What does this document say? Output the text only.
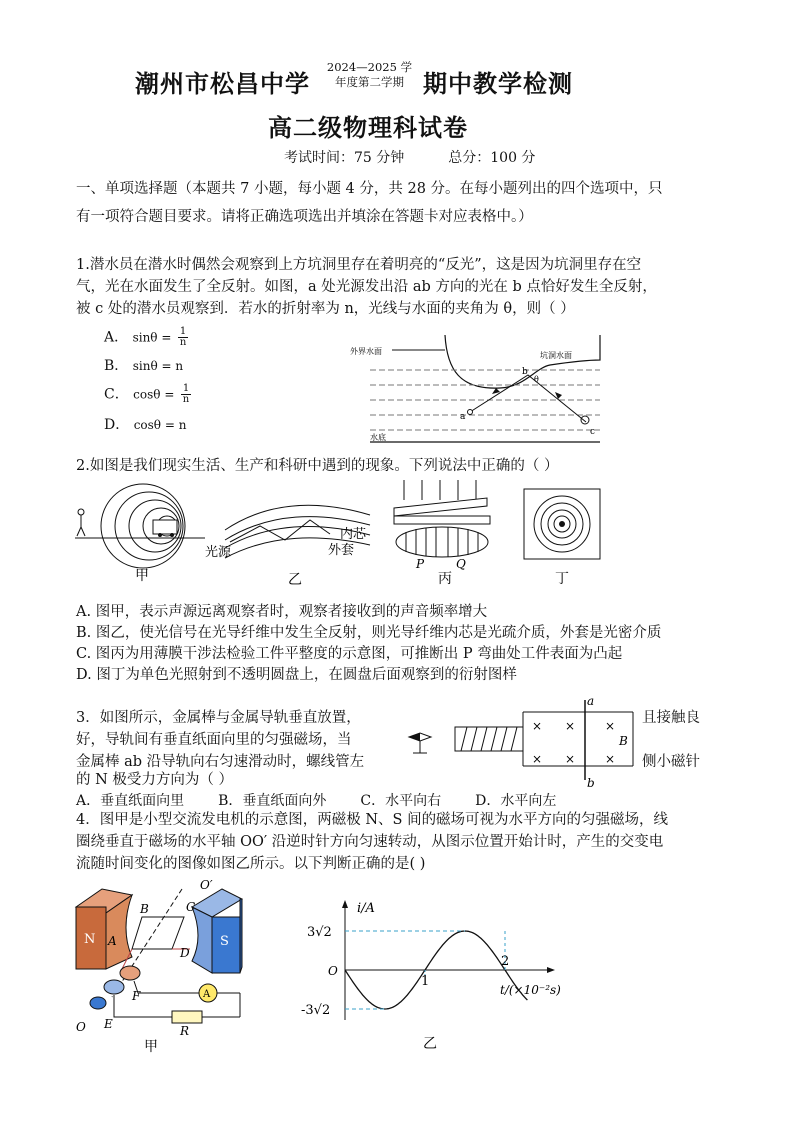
潮州市松昌中学
2024—2025 学
年度第二学期 期中教学检测
高二级物理科试卷
考试时间：75 分钟	总分：100 分
一、单项选择题（本题共 7 小题，每小题 4 分，共 28 分。在每小题列出的四个选项中，只
有一项符合题目要求。请将正确选项选出并填涂在答题卡对应表格中。）
1.潜水员在潜水时偶然会观察到上方坑洞里存在着明亮的“反光”，这是因为坑洞里存在空
气，光在水面发生了全反射。如图，a 处光源发出沿 ab 方向的光在 b 点恰好发生全反射，
被 c 处的潜水员观察到．若水的折射率为 n，光线与水面的夹角为 θ，则（ ）
A． $\sin\theta = \frac{1}{n}$
B． sinθ = n
C． $\cos\theta = \frac{1}{n}$
D． cosθ = n
外界水面	坑洞水面
水底
a
b
θ
c
2.如图是我们现实生活、生产和科研中遇到的现象。下列说法中正确的（ ）
甲
光源
内芯
外套
乙
P	Q
丙	丁
A. 图甲，表示声源远离观察者时，观察者接收到的声音频率增大
B. 图乙，使光信号在光导纤维中发生全反射，则光导纤维内芯是光疏介质，外套是光密介质
C. 图丙为用薄膜干涉法检验工件平整度的示意图，可推断出 P 弯曲处工件表面为凸起
D. 图丁为单色光照射到不透明圆盘上，在圆盘后面观察到的衍射图样
3．如图所示，金属棒与金属导轨垂直放置，	且接触良
好，导轨间有垂直纸面向里的匀强磁场，当
金属棒 ab 沿导轨向右匀速滑动时，螺线管左	侧小磁针
的 N 极受力方向为（ ）
× × ×
× × ×
a
b
B
A．垂直纸面向里 B．垂直纸面向外 C．水平向右 D．水平向左
4．图甲是小型交流发电机的示意图，两磁极 N、S 间的磁场可视为水平方向的匀强磁场，线
圈绕垂直于磁场的水平轴 OO′ 沿逆时针方向匀速转动，从图示位置开始计时，产生的交变电
流随时间变化的图像如图乙所示。以下判断正确的是( )
N	S
A
B	C
D
O′
F
E
O	R
A
甲
i/A
t/(×10⁻²s)
O
乙
1
2
3√2
-3√2
